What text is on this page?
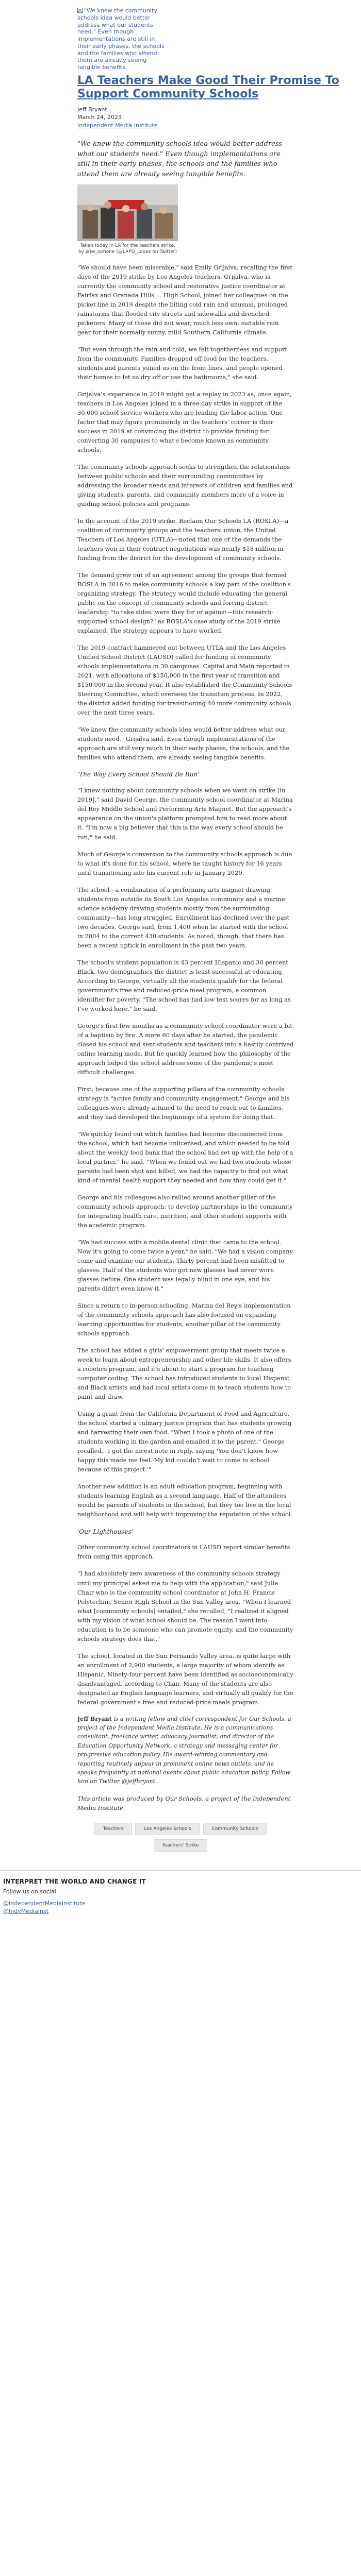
"We knew the community schools idea would better address what our students need." Even though implementations are still in their early phases, the schools and the families who attend them are already seeing tangible benefits.
LA Teachers Make Good Their Promise To Support Community Schools
Jeff Bryant
March 24, 2023
Independent Media Institute
"We knew the community schools idea would better address what our students need." Even though implementations are still in their early phases, the schools and the families who attend them are already seeing tangible benefits.
Taken today in LA for the teachers strike, by jake_ophone (@LAPD_Lopez on Twitter)

"We should have been miserable," said Emily Grijalva, recalling the first days of the 2019 strike by Los Angeles teachers. Grijalva, who is currently the community school and restorative justice coordinator at Fairfax and Granada Hills ... High School, joined her colleagues on the picket line in 2019 despite the biting cold rain and unusual, prolonged rainstorms that flooded city streets and sidewalks and drenched picketers. Many of those did not wear, much less own, suitable rain gear for their normally sunny, mild Southern California climate.

"But even through the rain and cold, we felt togetherness and support from the community. Families dropped off food for the teachers, students and parents joined us on the front lines, and people opened their homes to let us dry off or use the bathrooms," she said.

Grijalva's experience in 2019 might get a replay in 2023 as, once again, teachers in Los Angeles joined in a three-day strike in support of the 30,000 school service workers who are leading the labor action. One factor that may figure prominently in the teachers' corner is their success in 2019 at convincing the district to provide funding for converting 30 campuses to what's become known as community schools.

The community schools approach seeks to strengthen the relationships between public schools and their surrounding communities by addressing the broader needs and interests of children and families and giving students, parents, and community members more of a voice in guiding school policies and programs.

In the account of the 2019 strike, Reclaim Our Schools LA (ROSLA)—a coalition of community groups and the teachers' union, the United Teachers of Los Angeles (UTLA)—noted that one of the demands the teachers won in their contract negotiations was nearly $18 million in funding from the district for the development of community schools.

The demand grew out of an agreement among the groups that formed ROSLA in 2016 to make community schools a key part of the coalition's organizing strategy. The strategy would include educating the general public on the concept of community schools and forcing district leadership "to take sides: were they for or against—this research-supported school design?" as ROSLA's case study of the 2019 strike explained. The strategy appears to have worked.

The 2019 contract hammered out between UTLA and the Los Angeles Unified School District (LAUSD) called for funding of community schools implementations in 30 campuses. Capital and Main reported in 2021, with allocations of $150,000 in the first year of transition and $150,000 in the second year. It also established the Community Schools Steering Committee, which oversees the transition process. In 2022, the district added funding for transitioning 40 more community schools over the next three years.

"We knew the community schools idea would better address what our students need," Grijalva said. Even though implementations of the approach are still very much in their early phases, the schools, and the families who attend them, are already seeing tangible benefits.

'The Way Every School Should Be Run'

"I knew nothing about community schools when we went on strike [in 2019]," said David George, the community school coordinator at Marina del Rey Middle School and Performing Arts Magnet. But the approach's appearance on the union's platform prompted him to read more about it. "I'm now a big believer that this is the way every school should be run," he said.

Much of George's conversion to the community schools approach is due to what it's done for his school, where he taught history for 16 years until transitioning into his current role in January 2020.

The school—a combination of a performing arts magnet drawing students from outside its South Los Angeles community and a marine science academy drawing students mostly from the surrounding community—has long struggled. Enrollment has declined over the past two decades, George said, from 1,400 when he started with the school in 2004 to the current 430 students. As noted, though, that there has been a recent uptick in enrollment in the past two years.

The school's student population is 43 percent Hispanic and 30 percent Black, two demographics the district is least successful at educating. According to George, virtually all the students qualify for the federal government's free and reduced-price meal program, a common identifier for poverty. "The school has had low test scores for as long as I've worked here," he said.

George's first few months as a community school coordinator were a bit of a baptism by fire. A mere 60 days after he started, the pandemic closed his school and sent students and teachers into a hastily contrived online learning mode. But he quickly learned how the philosophy of the approach helped the school address some of the pandemic's most difficult challenges.

First, because one of the supporting pillars of the community schools strategy is "active family and community engagement," George and his colleagues were already attuned to the need to reach out to families, and they had developed the beginnings of a system for doing that.

"We quickly found out which families had become disconnected from the school, which had become unlicensed, and which needed to be told about the weekly food bank that the school had set up with the help of a local partner," he said. "When we found out we had two students whose parents had been shot and killed, we had the capacity to find out what kind of mental health support they needed and how they could get it."

George and his colleagues also rallied around another pillar of the community schools approach: to develop partnerships in the community for integrating health care, nutrition, and other student supports with the academic program.

"We had success with a mobile dental clinic that came to the school. Now it's going to come twice a year," he said. "We had a vision company come and examine our students. Thirty percent had been misfitted to glasses. Half of the students who got new glasses had never worn glasses before. One student was legally blind in one eye, and his parents didn't even know it."

Since a return to in-person schooling, Marina del Rey's implementation of the community schools approach has also focused on expanding learning opportunities for students, another pillar of the community schools approach.

The school has added a girls' empowerment group that meets twice a week to learn about entrepreneurship and other life skills. It also offers a robotics program, and it's about to start a program for teaching computer coding. The school has introduced students to local Hispanic and Black artists and had local artists come in to teach students how to paint and draw.

Using a grant from the California Department of Food and Agriculture, the school started a culinary justice program that has students growing and harvesting their own food. "When I took a photo of one of the students working in the garden and emailed it to the parent," George recalled, "I got the nicest note in reply, saying 'You don't know how happy this made me feel. My kid couldn't wait to come to school because of this project.'"

Another new addition is an adult education program, beginning with students learning English as a second language. Half of the attendees would be parents of students in the school, but they too live in the local neighborhood and will help with improving the reputation of the school.

'Our Lighthouses'

Other community school coordinators in LAUSD report similar benefits from using this approach.

"I had absolutely zero awareness of the community schools strategy until my principal asked me to help with the application," said Julie Chair who is the community school coordinator at John H. Francis Polytechnic Senior High School in the Sun Valley area. "When I learned what [community schools] entailed," she recalled, "I realized it aligned with my vision of what school should be. The reason I went into education is to be someone who can promote equity, and the community schools strategy does that."

The school, located in the Sun Fernando Valley area, is quite large with an enrollment of 2,900 students, a large majority of whom identify as Hispanic. Ninety-four percent have been identified as socioeconomically disadvantaged, according to Chair. Many of the students are also designated as English language learners, and virtually all qualify for the federal government's free and reduced-price meals program.

Jeff Bryant is a writing fellow and chief correspondent for Our Schools, a project of the Independent Media Institute. He is a communications consultant, freelance writer, advocacy journalist, and director of the Education Opportunity Network, a strategy and messaging center for progressive education policy. His award-winning commentary and reporting routinely appear in prominent online news outlets, and he speaks frequently at national events about public education policy. Follow him on Twitter @jeffbryant.

This article was produced by Our Schools, a project of the Independent Media Institute.

Teachers	Los Angeles Schools	Community Schools
Teachers' Strike
INTERPRET THE WORLD AND CHANGE IT
Follow us on social
@IndependentMediaInstitute
@IndyMediaInst
